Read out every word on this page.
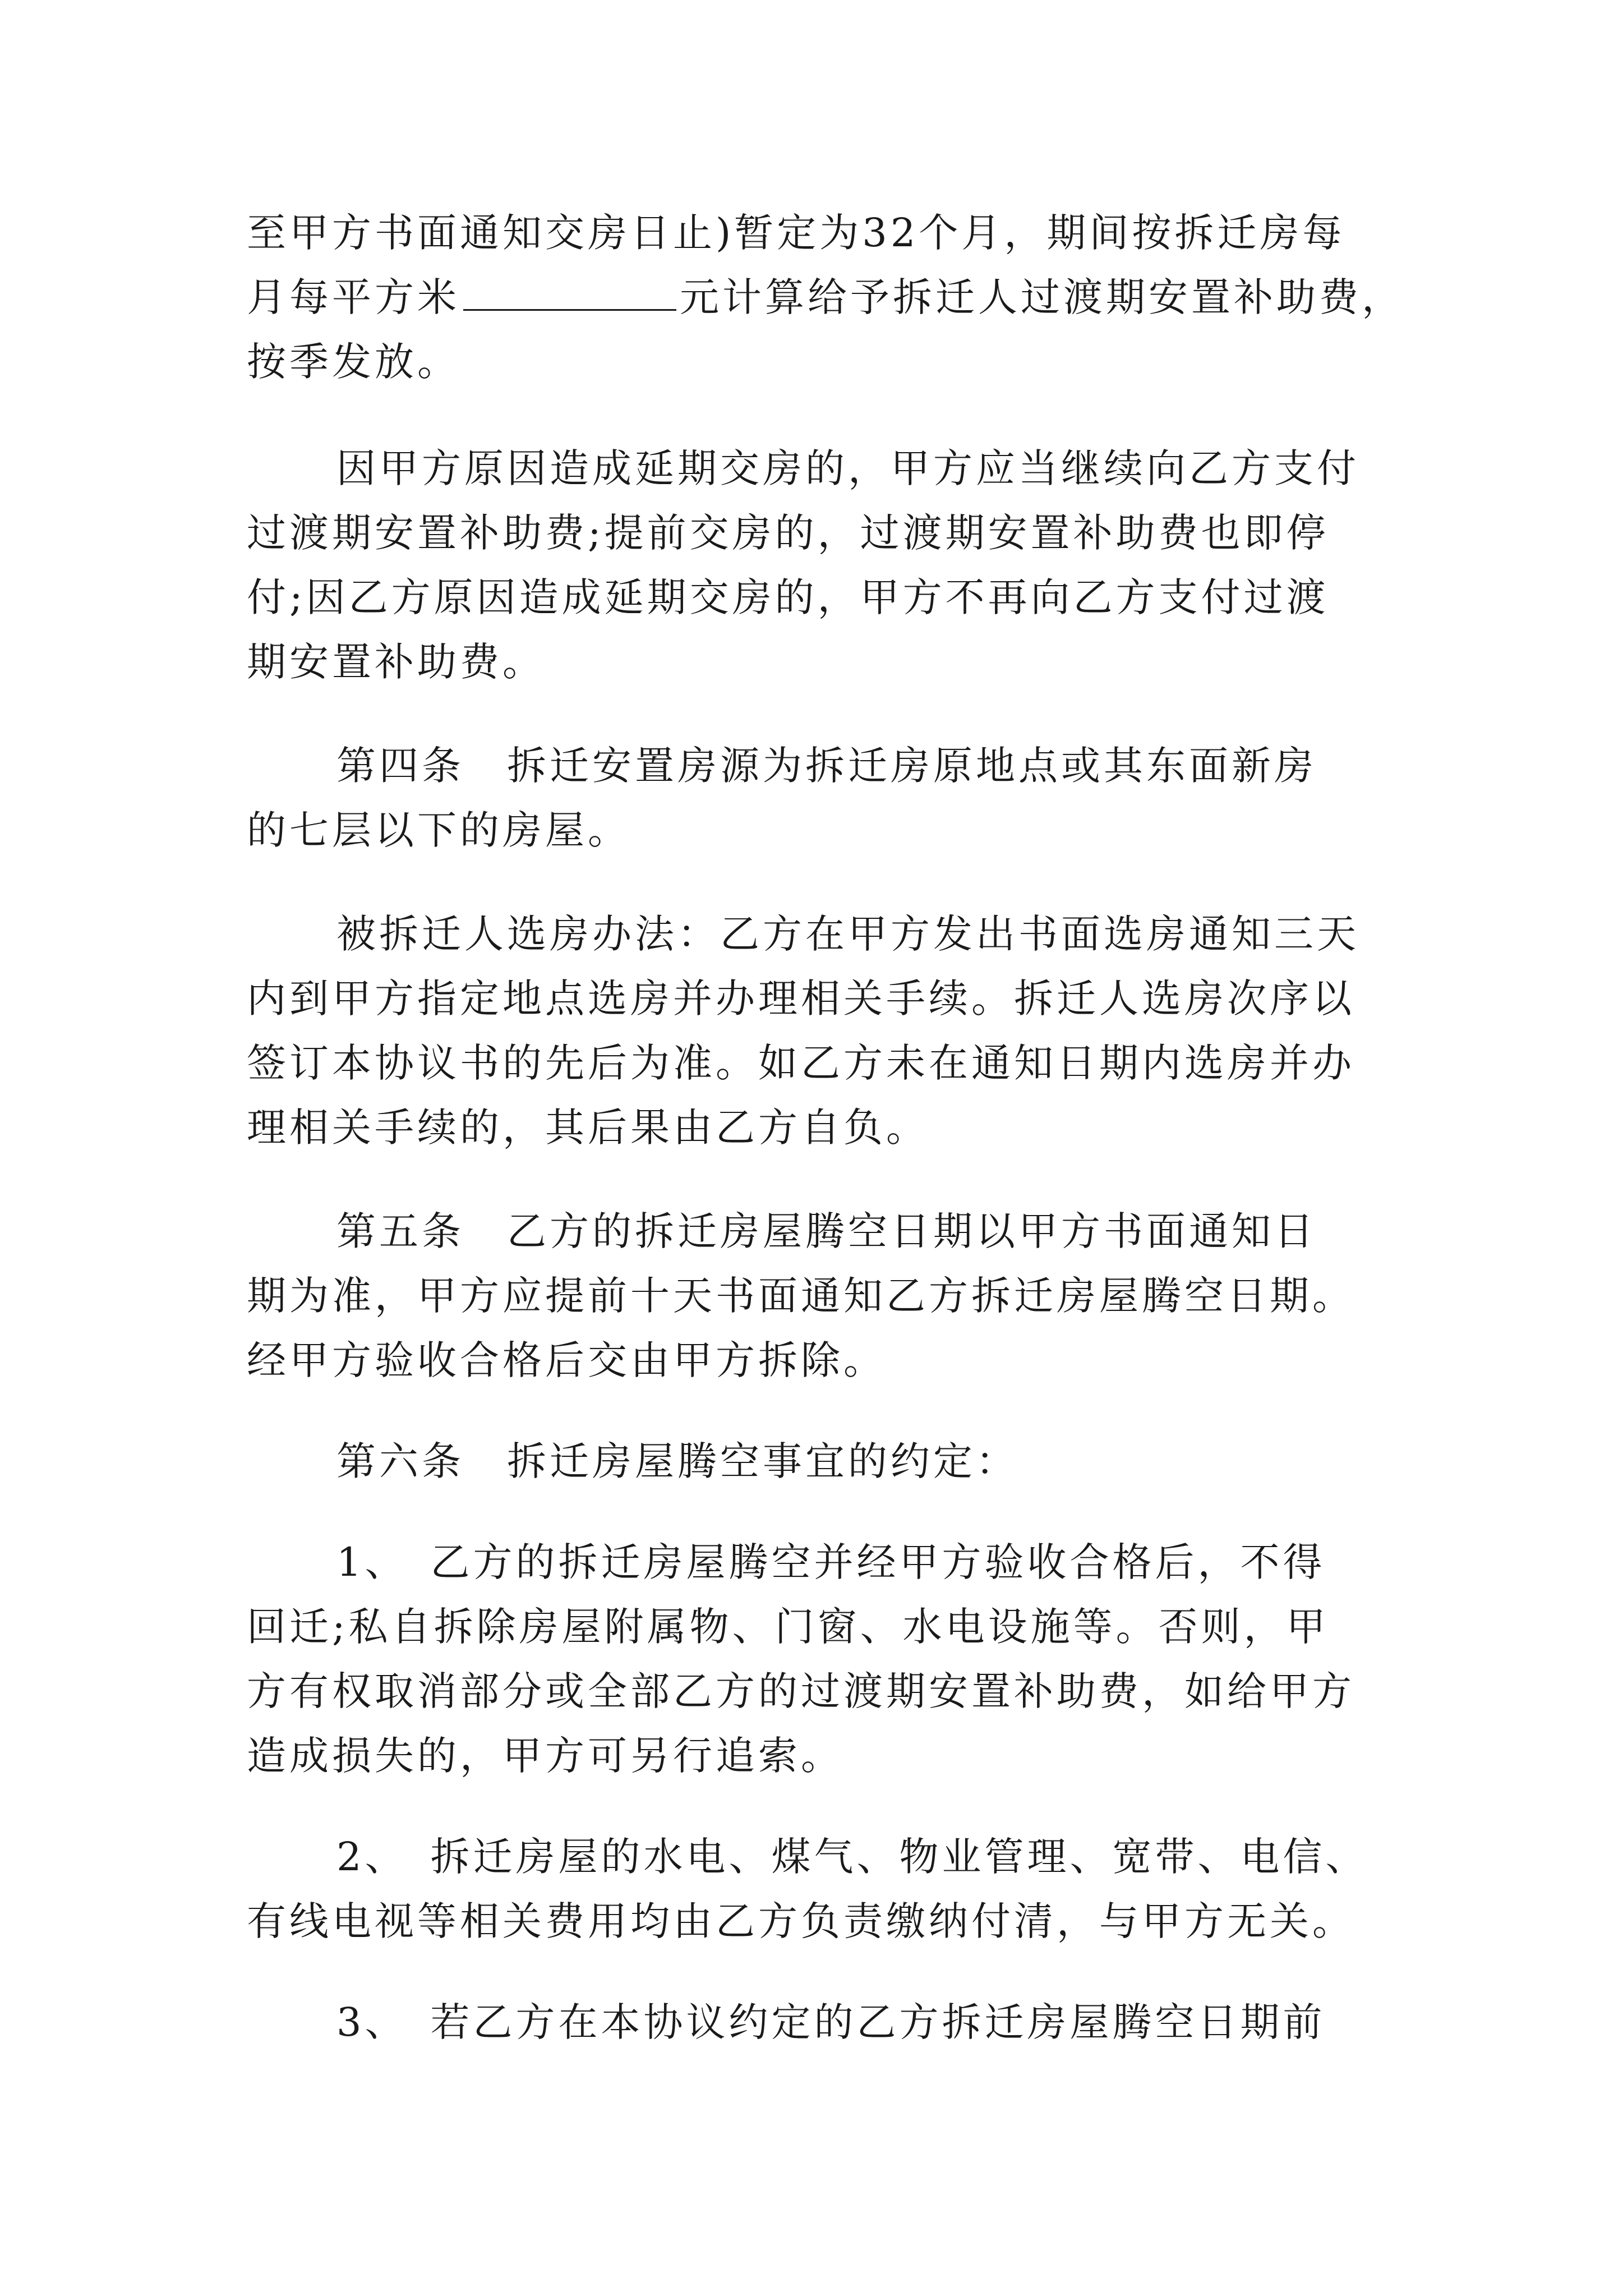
至甲方书面通知交房日止)暂定为32个月，期间按拆迁房每
月每平方米	元计算给予拆迁人过渡期安置补助费，
按季发放。
因甲方原因造成延期交房的，甲方应当继续向乙方支付
过渡期安置补助费;提前交房的，过渡期安置补助费也即停
付;因乙方原因造成延期交房的，甲方不再向乙方支付过渡
期安置补助费。
第四条　拆迁安置房源为拆迁房原地点或其东面新房
的七层以下的房屋。
被拆迁人选房办法：乙方在甲方发出书面选房通知三天
内到甲方指定地点选房并办理相关手续。拆迁人选房次序以
签订本协议书的先后为准。如乙方未在通知日期内选房并办
理相关手续的，其后果由乙方自负。
第五条　乙方的拆迁房屋腾空日期以甲方书面通知日
期为准，甲方应提前十天书面通知乙方拆迁房屋腾空日期。
经甲方验收合格后交由甲方拆除。
第六条　拆迁房屋腾空事宜的约定：
1、　乙方的拆迁房屋腾空并经甲方验收合格后，不得
回迁;私自拆除房屋附属物、门窗、水电设施等。否则，甲
方有权取消部分或全部乙方的过渡期安置补助费，如给甲方
造成损失的，甲方可另行追索。
2、　拆迁房屋的水电、煤气、物业管理、宽带、电信、
有线电视等相关费用均由乙方负责缴纳付清，与甲方无关。
3、　若乙方在本协议约定的乙方拆迁房屋腾空日期前
